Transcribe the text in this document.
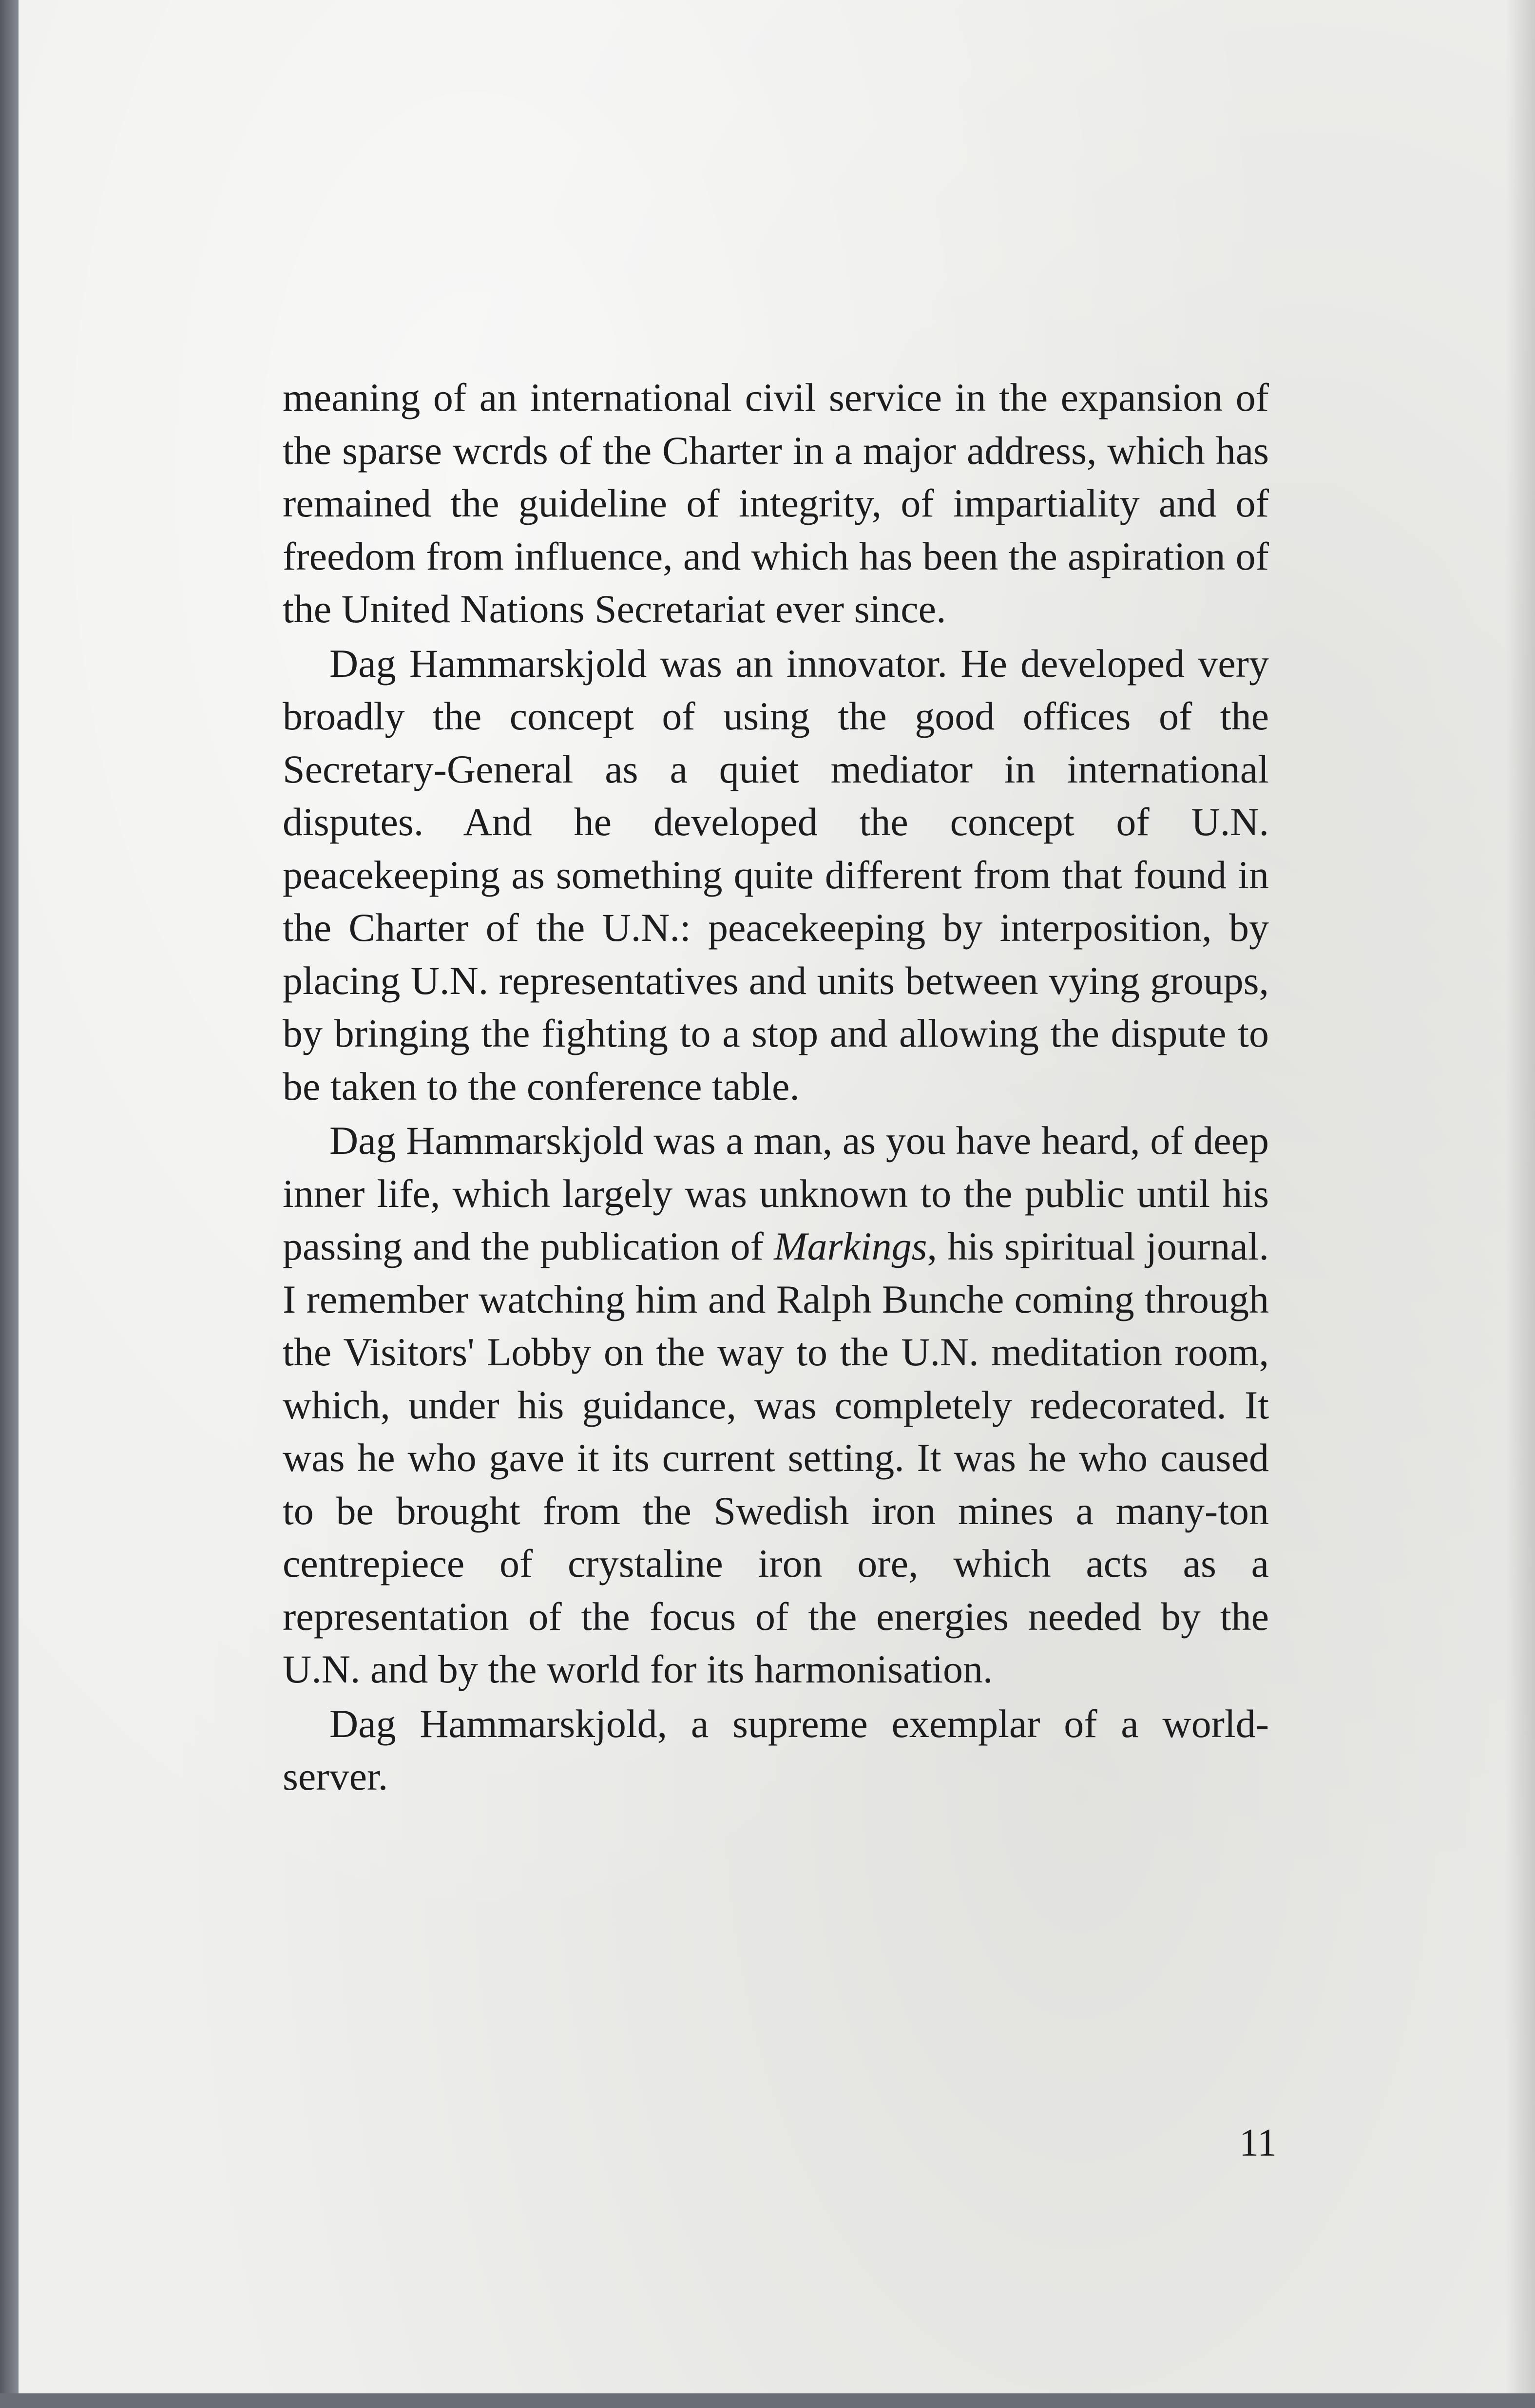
meaning of an international civil service in the expansion of the sparse wcrds of the Charter in a major address, which has remained the guideline of integrity, of impartiality and of freedom from influence, and which has been the aspiration of the United Nations Secretariat ever since.

Dag Hammarskjold was an innovator. He developed very broadly the concept of using the good offices of the Secretary-General as a quiet mediator in international disputes. And he developed the concept of U.N. peacekeeping as something quite different from that found in the Charter of the U.N.: peacekeeping by interposition, by placing U.N. representatives and units between vying groups, by bringing the fighting to a stop and allowing the dispute to be taken to the conference table.

Dag Hammarskjold was a man, as you have heard, of deep inner life, which largely was unknown to the public until his passing and the publication of Markings, his spiritual journal. I remember watching him and Ralph Bunche coming through the Visitors' Lobby on the way to the U.N. meditation room, which, under his guidance, was completely redecorated. It was he who gave it its current setting. It was he who caused to be brought from the Swedish iron mines a many-ton centrepiece of crystaline iron ore, which acts as a representation of the focus of the energies needed by the U.N. and by the world for its harmonisation.

Dag Hammarskjold, a supreme exemplar of a world-server.

11
